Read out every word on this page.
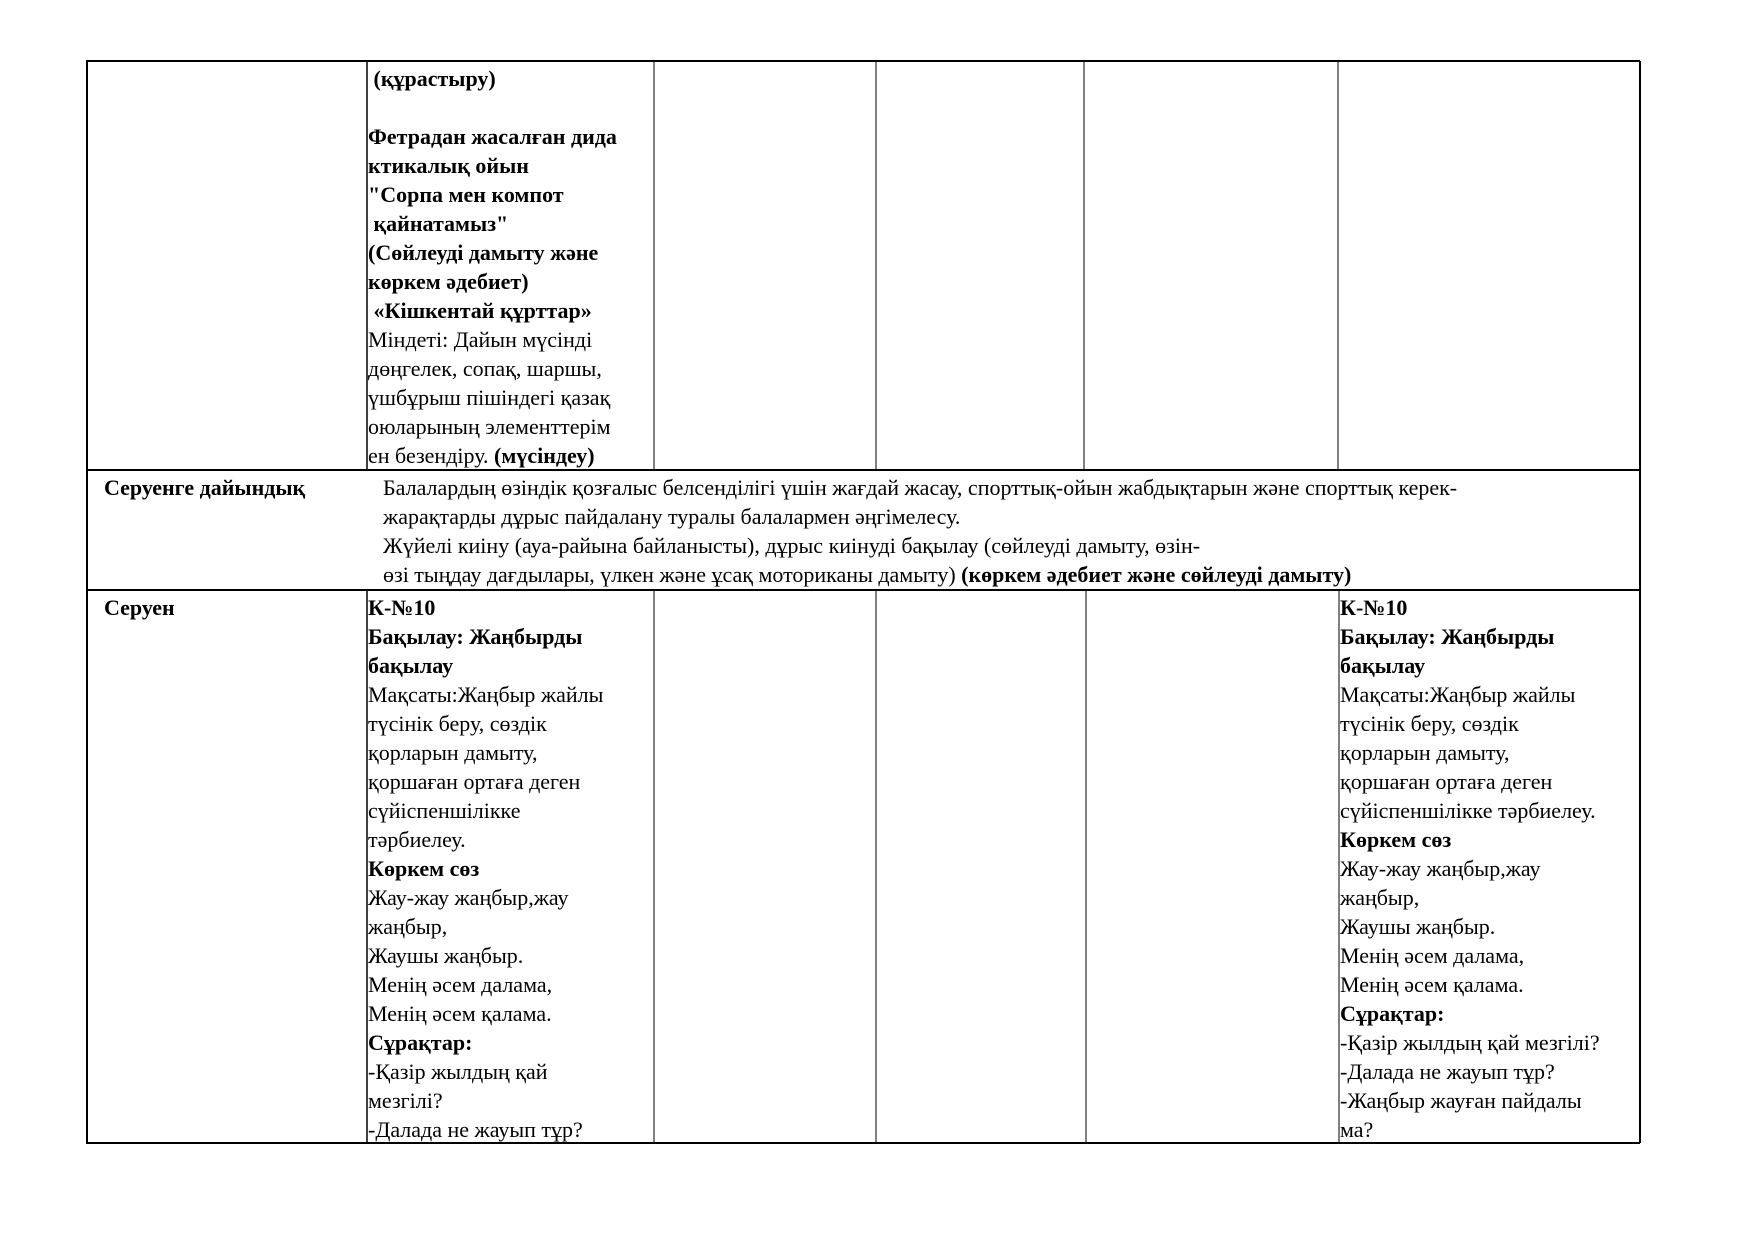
(құрастыру)

Фетрадан жасалған дида
ктикалық ойын
"Сорпа мен компот
қайнатамыз"
(Сөйлеуді дамыту және
көркем әдебиет)
«Кішкентай құрттар»
Міндеті: Дайын мүсінді
дөңгелек, сопақ, шаршы,
үшбұрыш пішіндегі қазақ
оюларының элементтерім
ен безендіру. (мүсіндеу)
Серуенге дайындық	Балалардың өзіндік қозғалыс белсенділігі үшін жағдай жасау, спорттық-ойын жабдықтарын және спорттық керек-
жарақтарды дұрыс пайдалану туралы балалармен әңгімелесу.
Жүйелі киіну (ауа-райына байланысты), дұрыс киінуді бақылау (сөйлеуді дамыту, өзін-
өзі тыңдау дағдылары, үлкен және ұсақ моториканы дамыту) (көркем әдебиет және сөйлеуді дамыту)
Серуен	К-№10
Бақылау: Жаңбырды
бақылау
Мақсаты:Жаңбыр жайлы
түсінік беру, сөздік
қорларын дамыту,
қоршаған ортаға деген
сүйіспеншілікке
тәрбиелеу.
Көркем сөз
Жау-жау жаңбыр,жау
жаңбыр,
Жаушы жаңбыр.
Менің әсем далама,
Менің әсем қалама.
Сұрақтар:
-Қазір жылдың қай
мезгілі?
-Далада не жауып тұр?
К-№10
Бақылау: Жаңбырды
бақылау
Мақсаты:Жаңбыр жайлы
түсінік беру, сөздік
қорларын дамыту,
қоршаған ортаға деген
сүйіспеншілікке тәрбиелеу.
Көркем сөз
Жау-жау жаңбыр,жау
жаңбыр,
Жаушы жаңбыр.
Менің әсем далама,
Менің әсем қалама.
Сұрақтар:
-Қазір жылдың қай мезгілі?
-Далада не жауып тұр?
-Жаңбыр жауған пайдалы
ма?
